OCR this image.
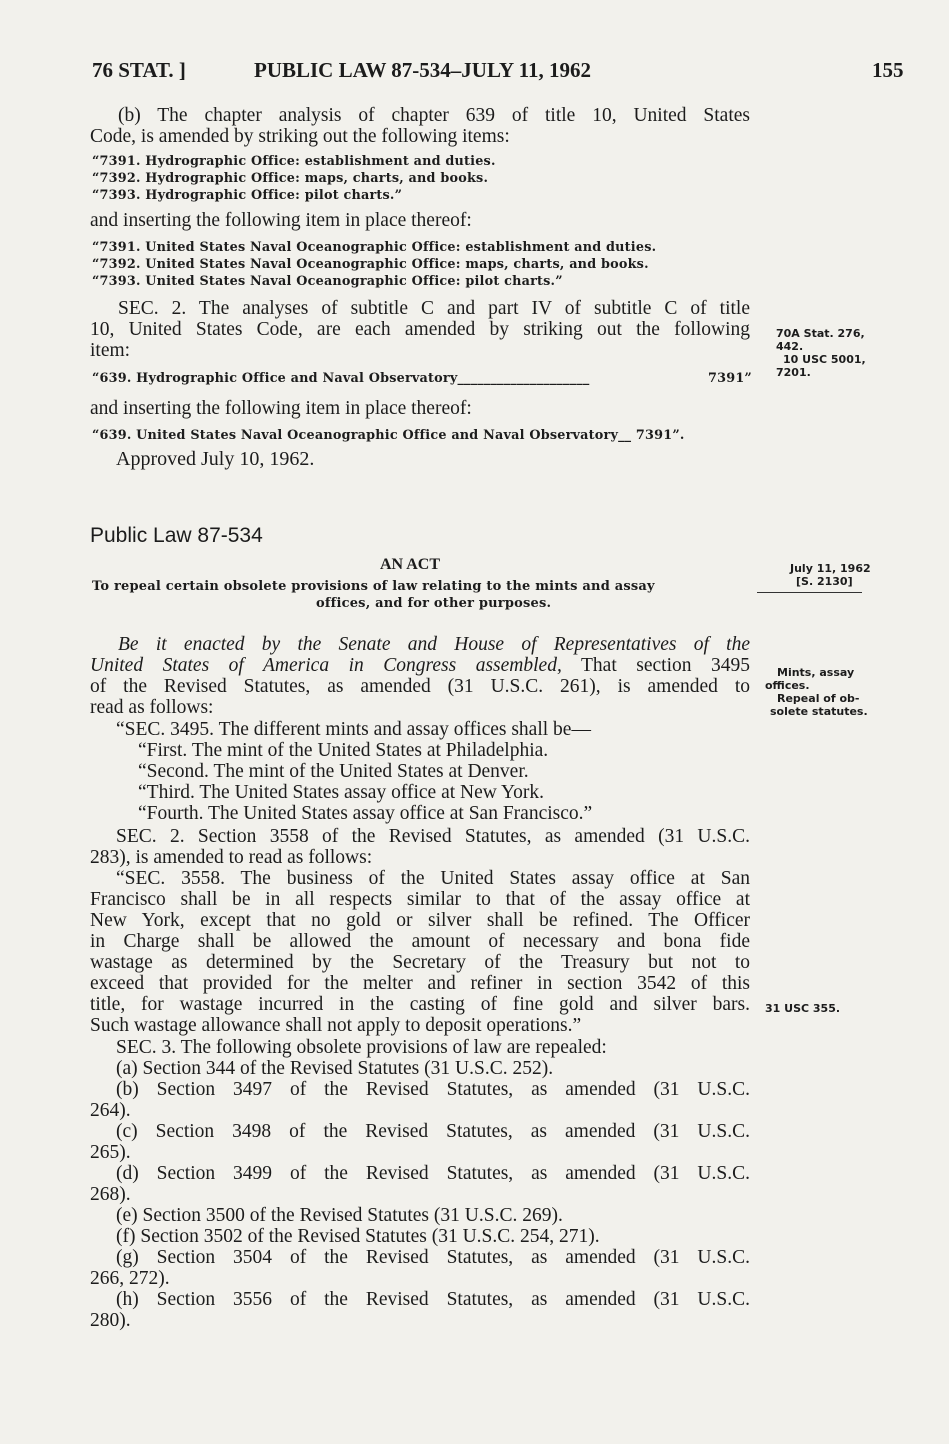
76 STAT. ]	PUBLIC LAW 87-534–JULY 11, 1962	155
(b) The chapter analysis of chapter 639 of title 10, United States
Code, is amended by striking out the following items:
“7391. Hydrographic Office: establishment and duties.
“7392. Hydrographic Office: maps, charts, and books.
“7393. Hydrographic Office: pilot charts.”
and inserting the following item in place thereof:
“7391. United States Naval Oceanographic Office: establishment and duties.
“7392. United States Naval Oceanographic Office: maps, charts, and books.
“7393. United States Naval Oceanographic Office: pilot charts.”
SEC. 2. The analyses of subtitle C and part IV of subtitle C of title
10, United States Code, are each amended by striking out the following
item:
“639. Hydrographic Office and Naval Observatory ____________________	7391”
and inserting the following item in place thereof:
“639. United States Naval Oceanographic Office and Naval Observatory__ 7391”.
Approved July 10, 1962.
70A Stat. 276,
442.
10 USC 5001,
7201.
July 11, 1962
[S. 2130]
Mints, assay
offices.
Repeal of ob-
solete statutes.
31 USC 355.
Public Law 87-534
AN ACT
To repeal certain obsolete provisions of law relating to the mints and assay
offices, and for other purposes.
Be it enacted by the Senate and House of Representatives of the
United States of America in Congress assembled, That section 3495
of the Revised Statutes, as amended (31 U.S.C. 261), is amended to
read as follows:
“SEC. 3495. The different mints and assay offices shall be—
“First. The mint of the United States at Philadelphia.
“Second. The mint of the United States at Denver.
“Third. The United States assay office at New York.
“Fourth. The United States assay office at San Francisco.”
SEC. 2. Section 3558 of the Revised Statutes, as amended (31 U.S.C.
283), is amended to read as follows:
“SEC. 3558. The business of the United States assay office at San
Francisco shall be in all respects similar to that of the assay office at
New York, except that no gold or silver shall be refined. The Officer
in Charge shall be allowed the amount of necessary and bona fide
wastage as determined by the Secretary of the Treasury but not to
exceed that provided for the melter and refiner in section 3542 of this
title, for wastage incurred in the casting of fine gold and silver bars.
Such wastage allowance shall not apply to deposit operations.”
SEC. 3. The following obsolete provisions of law are repealed:
(a) Section 344 of the Revised Statutes (31 U.S.C. 252).
(b) Section 3497 of the Revised Statutes, as amended (31 U.S.C.
264).
(c) Section 3498 of the Revised Statutes, as amended (31 U.S.C.
265).
(d) Section 3499 of the Revised Statutes, as amended (31 U.S.C.
268).
(e) Section 3500 of the Revised Statutes (31 U.S.C. 269).
(f) Section 3502 of the Revised Statutes (31 U.S.C. 254, 271).
(g) Section 3504 of the Revised Statutes, as amended (31 U.S.C.
266, 272).
(h) Section 3556 of the Revised Statutes, as amended (31 U.S.C.
280).
